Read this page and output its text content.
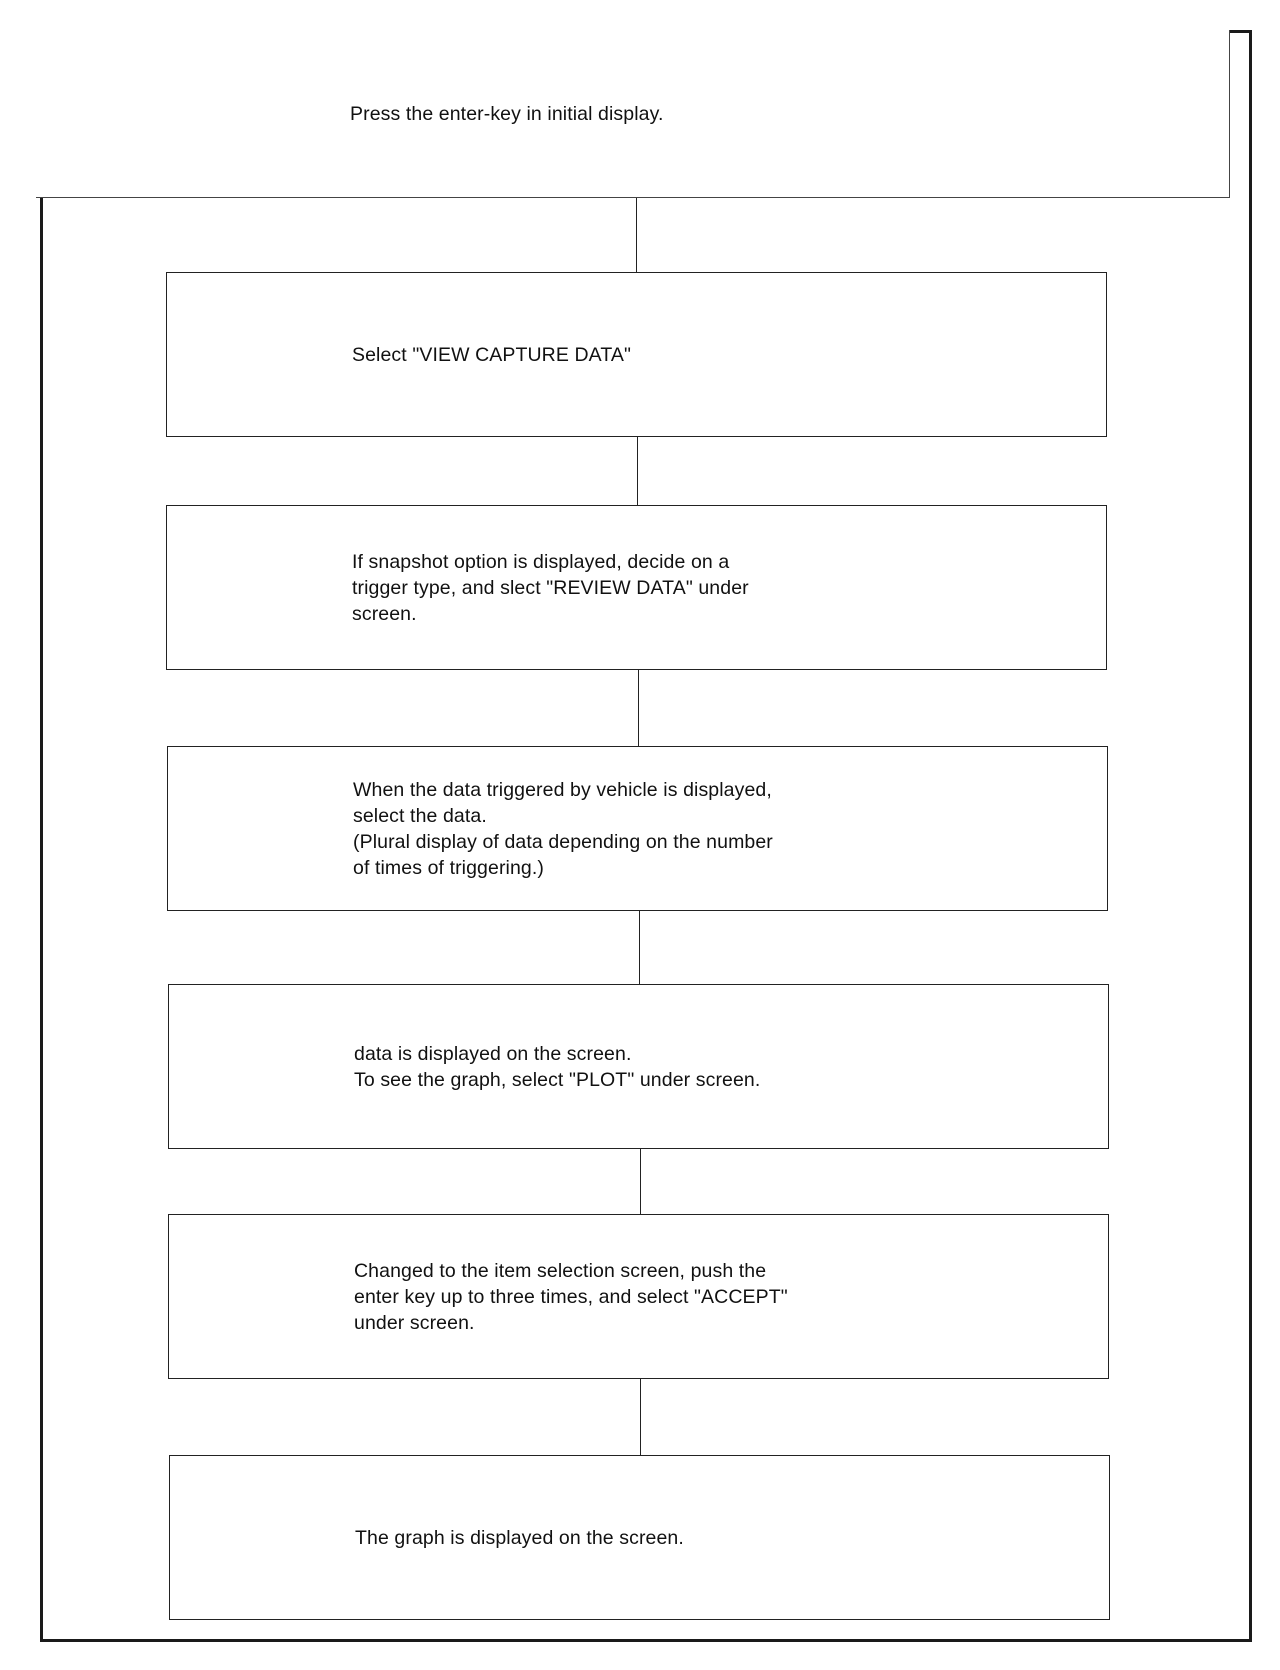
Press the enter-key in initial display.
Select "VIEW CAPTURE DATA"
If snapshot option is displayed, decide on a
trigger type, and slect "REVIEW DATA" under
screen.
When the data triggered by vehicle is displayed,
select the data.
(Plural display of data depending on the number
of times of triggering.)
data is displayed on the screen.
To see the graph, select "PLOT" under screen.
Changed to the item selection screen, push the
enter key up to three times, and select "ACCEPT"
under screen.
The graph is displayed on the screen.
